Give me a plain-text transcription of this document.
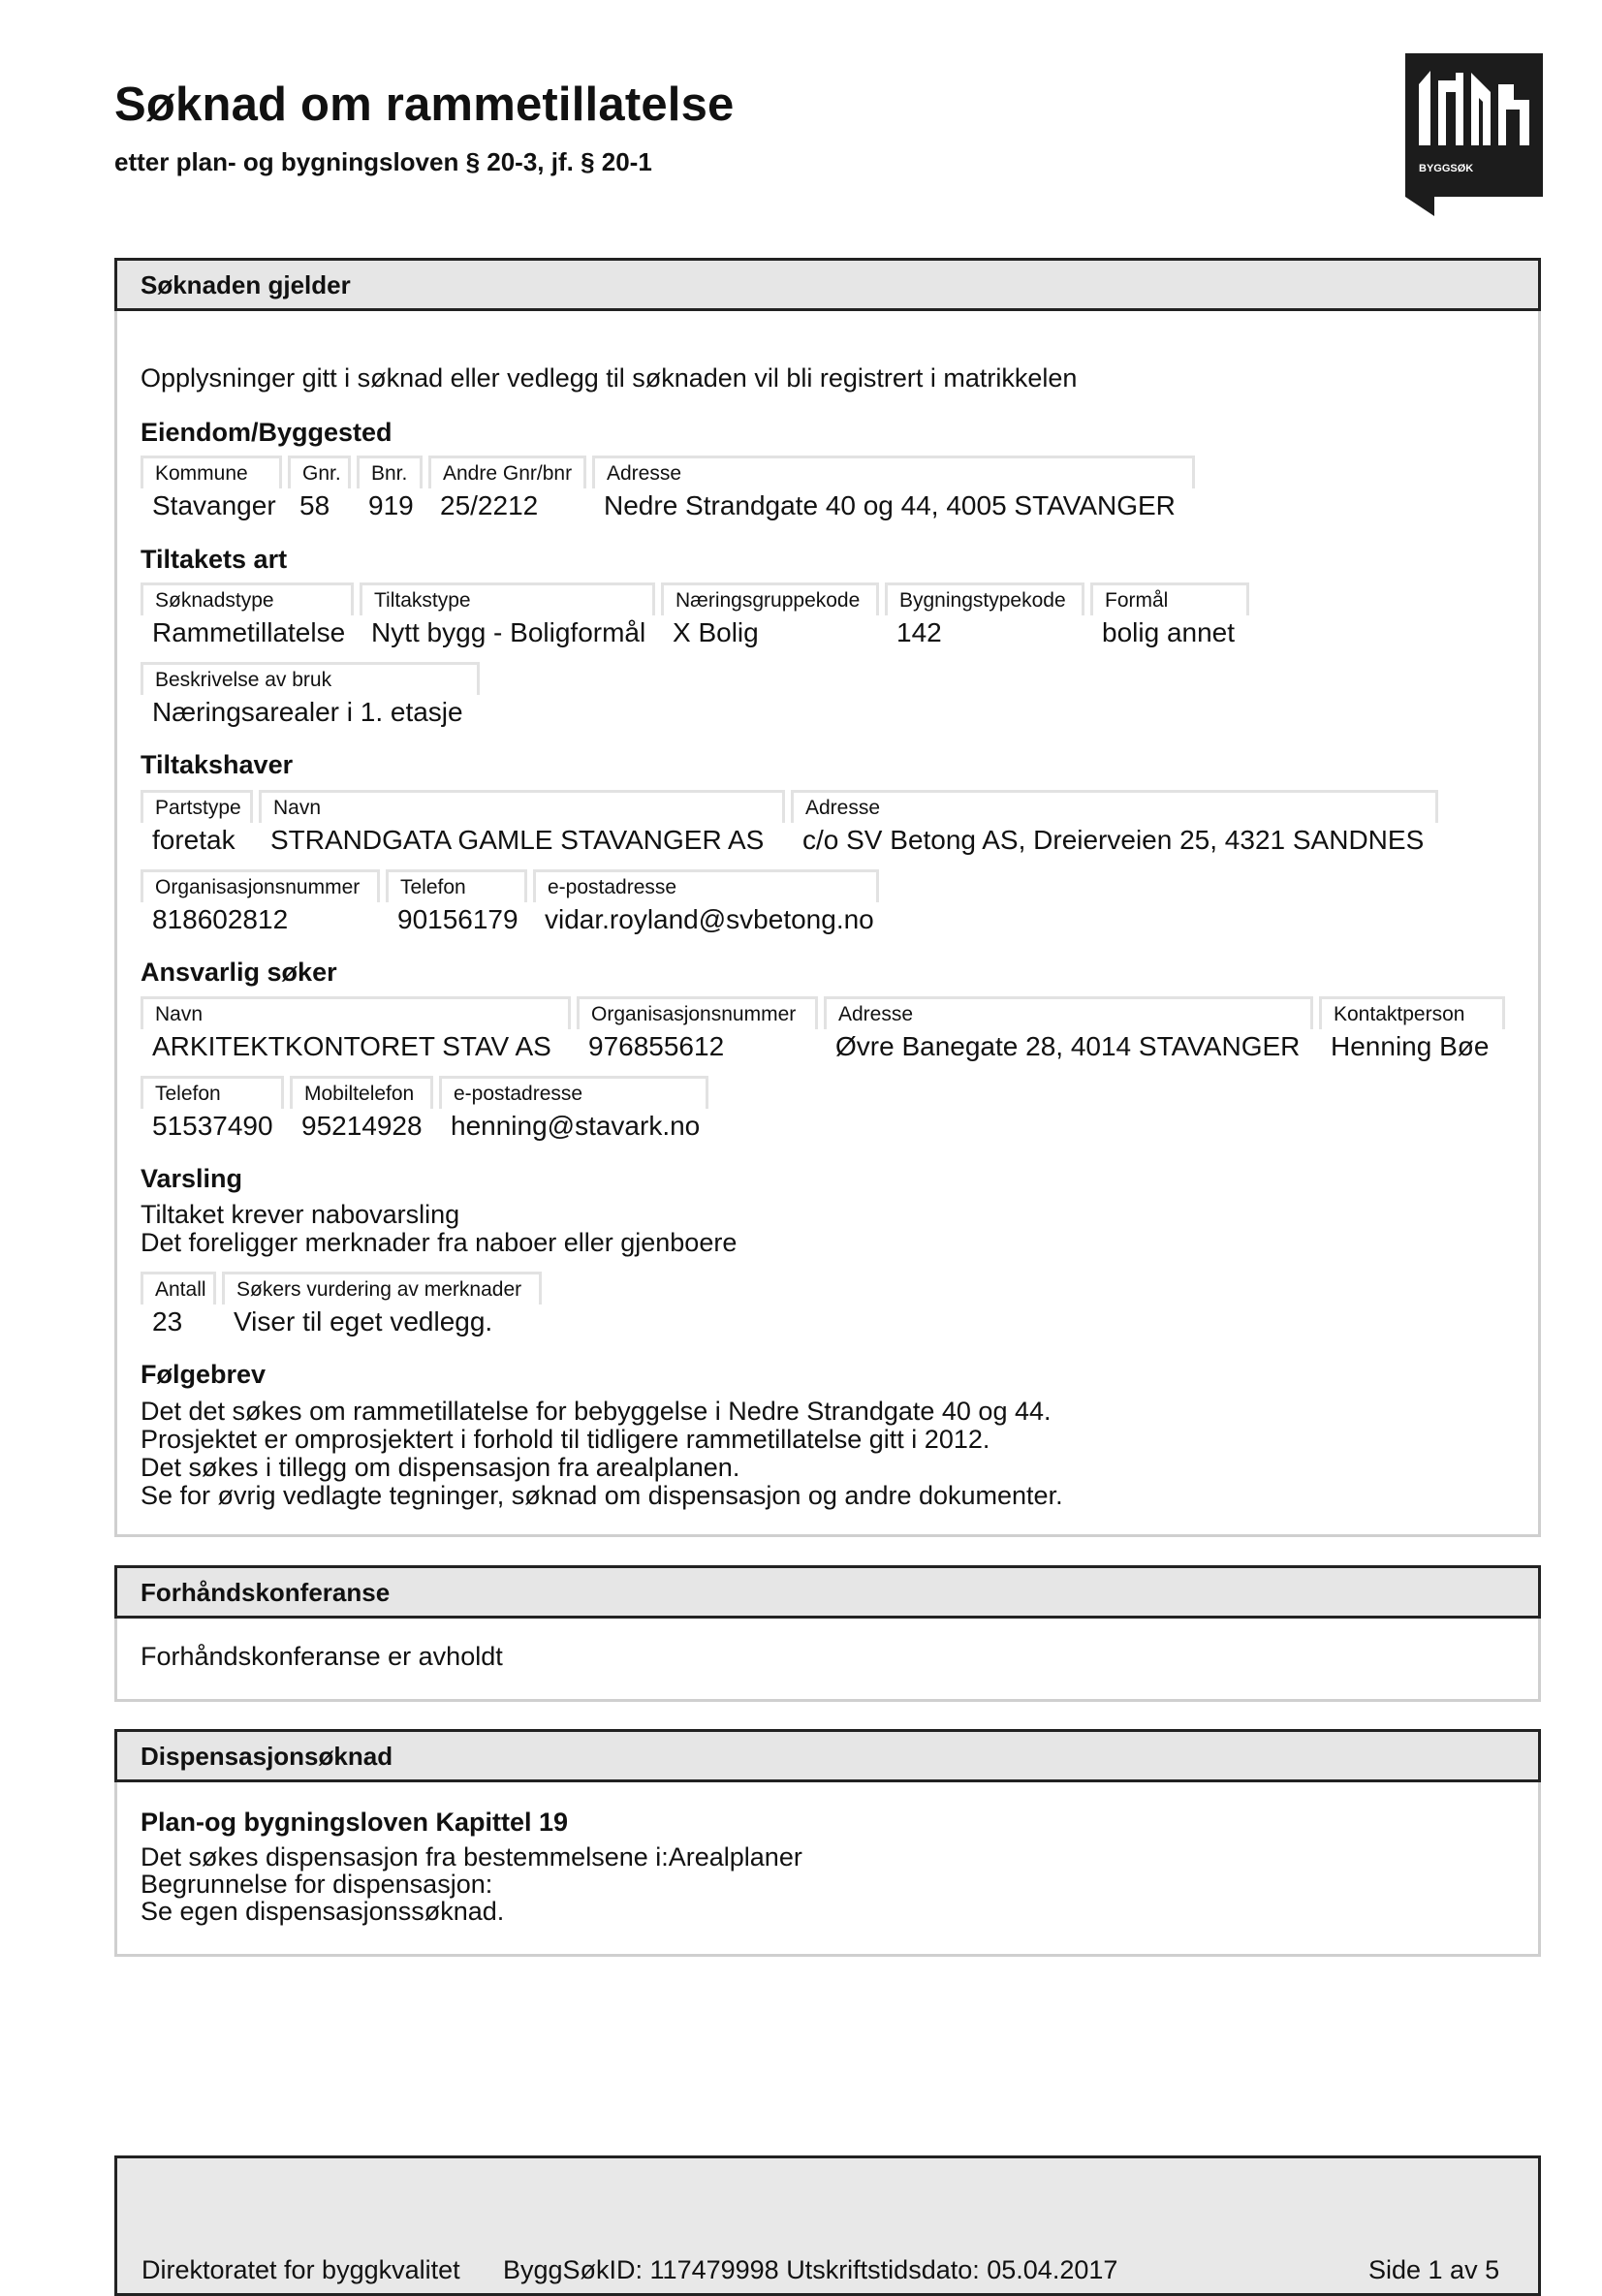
Søknad om rammetillatelse
etter plan- og bygningsloven § 20-3, jf. § 20-1	BYGGSØK
Søknaden gjelder
Opplysninger gitt i søknad eller vedlegg til søknaden vil bli registrert i matrikkelen
Eiendom/Byggested
Kommune
Stavanger
Gnr.
58
Bnr.
919
Andre Gnr/bnr
25/2212
Adresse
Nedre Strandgate 40 og 44, 4005 STAVANGER
Tiltakets art
Søknadstype
Rammetillatelse
Tiltakstype
Nytt bygg - Boligformål
Næringsgruppekode
X Bolig
Bygningstypekode
142
Formål
bolig annet
Beskrivelse av bruk
Næringsarealer i 1. etasje
Tiltakshaver
Partstype
foretak
Navn
STRANDGATA GAMLE STAVANGER AS
Adresse
c/o SV Betong AS, Dreierveien 25, 4321 SANDNES
Organisasjonsnummer
818602812
Telefon
90156179
e-postadresse
vidar.royland@svbetong.no
Ansvarlig søker
Navn
ARKITEKTKONTORET STAV AS
Organisasjonsnummer
976855612
Adresse
Øvre Banegate 28, 4014 STAVANGER
Kontaktperson
Henning Bøe
Telefon
51537490
Mobiltelefon
95214928
e-postadresse
henning@stavark.no
Varsling
Tiltaket krever nabovarsling
Det foreligger merknader fra naboer eller gjenboere
Antall
23
Søkers vurdering av merknader
Viser til eget vedlegg.
Følgebrev
Det det søkes om rammetillatelse for bebyggelse i Nedre Strandgate 40 og 44.
Prosjektet er omprosjektert i forhold til tidligere rammetillatelse gitt i 2012.
Det søkes i tillegg om dispensasjon fra arealplanen.
Se for øvrig vedlagte tegninger, søknad om dispensasjon og andre dokumenter.
Forhåndskonferanse
Forhåndskonferanse er avholdt
Dispensasjonsøknad
Plan-og bygningsloven Kapittel 19
Det søkes dispensasjon fra bestemmelsene i:Arealplaner
Begrunnelse for dispensasjon:
Se egen dispensasjonssøknad.
Direktoratet for byggkvalitet ByggSøkID: 117479998 Utskriftstidsdato: 05.04.2017	Side 1 av 5
